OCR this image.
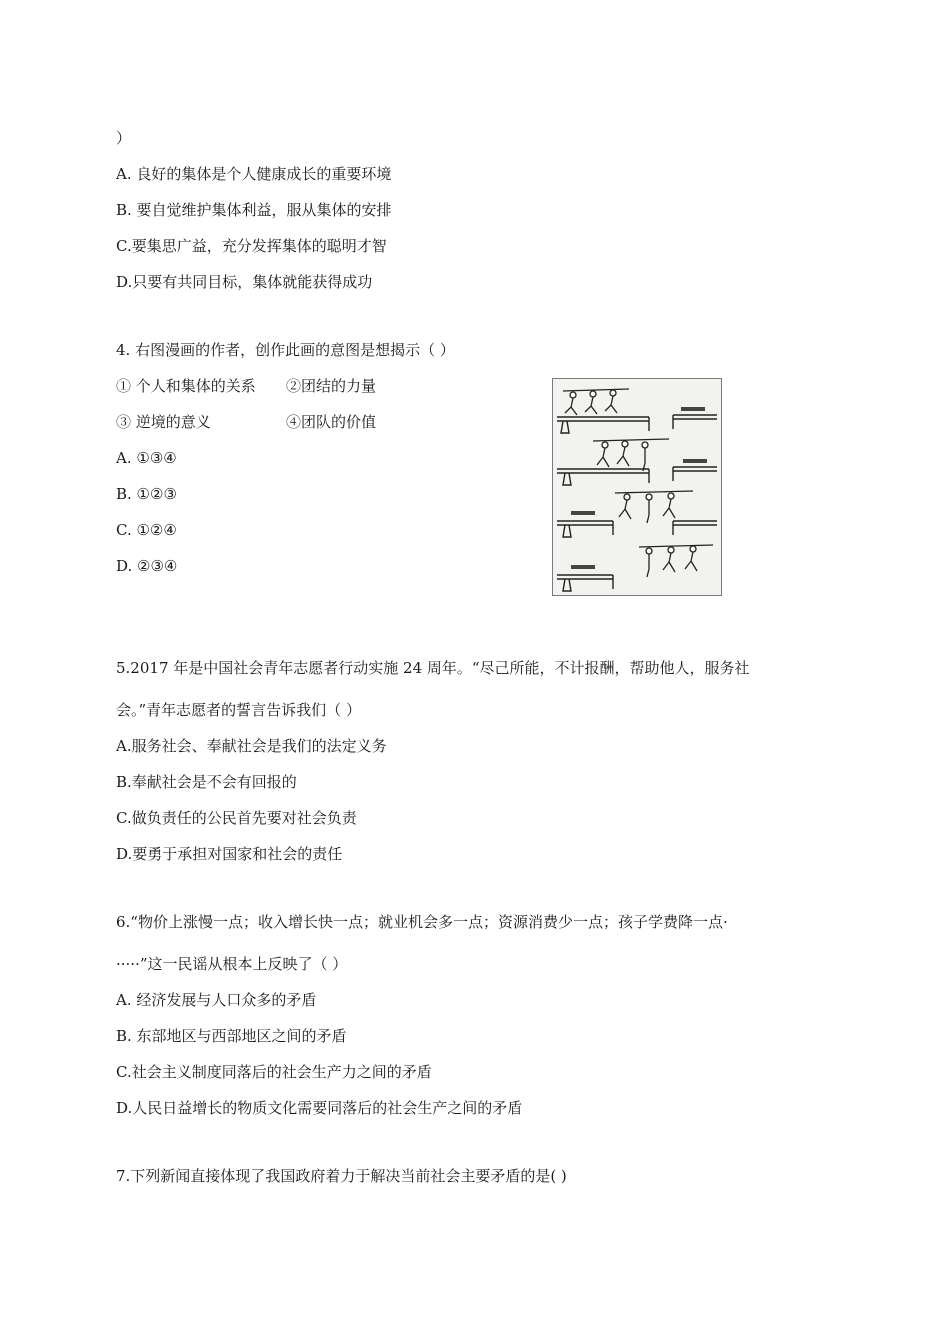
）
A. 良好的集体是个人健康成长的重要环境
B. 要自觉维护集体利益，服从集体的安排
C.要集思广益，充分发挥集体的聪明才智
D.只要有共同目标，集体就能获得成功
4. 右图漫画的作者，创作此画的意图是想揭示（ ）
① 个人和集体的关系 ②团结的力量
③ 逆境的意义	④团队的价值
A. ①③④
B. ①②③
C. ①②④
D. ②③④
5.2017 年是中国社会青年志愿者行动实施 24 周年。“尽己所能，不计报酬，帮助他人，服务社
会。”青年志愿者的誓言告诉我们（ ）
A.服务社会、奉献社会是我们的法定义务
B.奉献社会是不会有回报的
C.做负责任的公民首先要对社会负责
D.要勇于承担对国家和社会的责任
6.“物价上涨慢一点；收入增长快一点；就业机会多一点；资源消费少一点；孩子学费降一点·
·····”这一民谣从根本上反映了（ ）
A. 经济发展与人口众多的矛盾
B. 东部地区与西部地区之间的矛盾
C.社会主义制度同落后的社会生产力之间的矛盾
D.人民日益增长的物质文化需要同落后的社会生产之间的矛盾
7.下列新闻直接体现了我国政府着力于解决当前社会主要矛盾的是( )
